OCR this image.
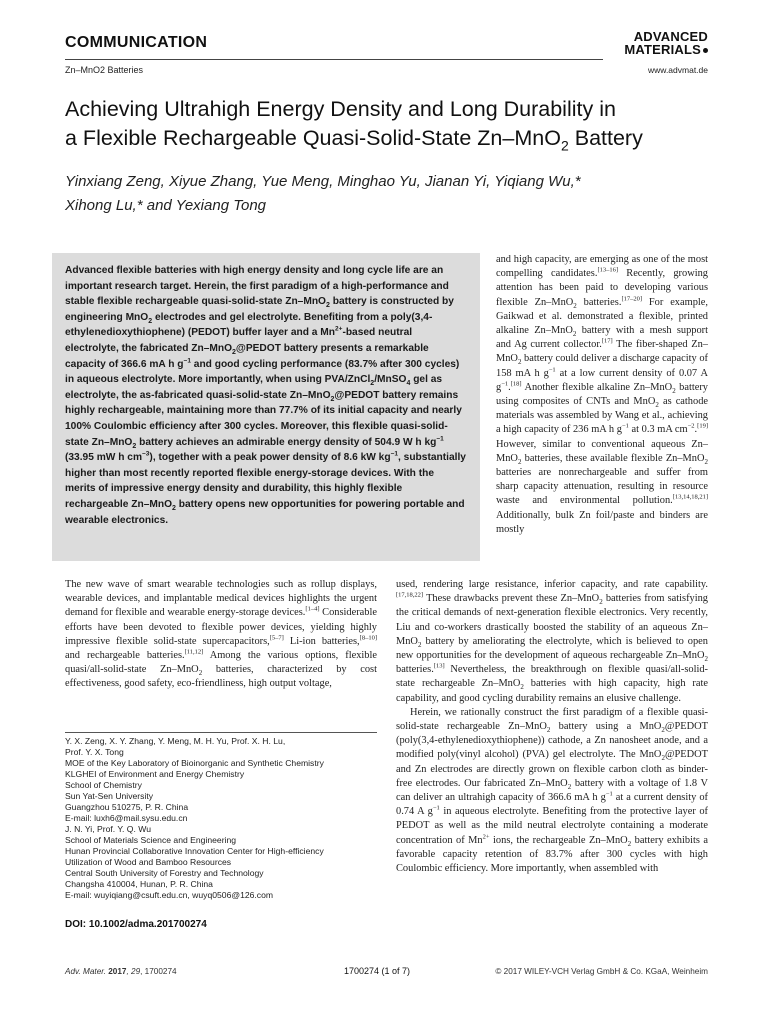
COMMUNICATION
Zn–MnO2 Batteries
ADVANCED
MATERIALS
www.advmat.de
Achieving Ultrahigh Energy Density and Long Durability in
a Flexible Rechargeable Quasi-Solid-State Zn–MnO$_2$ Battery
Yinxiang Zeng, Xiyue Zhang, Yue Meng, Minghao Yu, Jianan Yi, Yiqiang Wu,*
Xihong Lu,* and Yexiang Tong

Advanced flexible batteries with high energy density and long cycle life are an important research target. Herein, the first paradigm of a high-performance and stable flexible rechargeable quasi-solid-state Zn–MnO$_2$ battery is constructed by engineering MnO$_2$ electrodes and gel electrolyte. Benefiting from a poly(3,4-ethylenedioxythiophene) (PEDOT) buffer layer and a $Mn^{2+}$-based neutral electrolyte, the fabricated Zn–MnO$_2$@PEDOT battery presents a remarkable capacity of 366.6 mA h $g^{-1}$ and good cycling performance (83.7% after 300 cycles) in aqueous electrolyte. More importantly, when using PVA/ZnCl$_2$/MnSO$_4$ gel as electrolyte, the as-fabricated quasi-solid-state Zn–MnO$_2$@PEDOT battery remains highly rechargeable, maintaining more than 77.7% of its initial capacity and nearly 100% Coulombic efficiency after 300 cycles. Moreover, this flexible quasi-solid-state Zn–MnO$_2$ battery achieves an admirable energy density of 504.9 W h $kg^{-1}$ (33.95 mW h $cm^{-3}$), together with a peak power density of 8.6 kW $kg^{-1}$, substantially higher than most recently reported flexible energy-storage devices. With the merits of impressive energy density and durability, this highly flexible rechargeable Zn–MnO$_2$ battery opens new opportunities for powering portable and wearable electronics.

and high capacity, are emerging as one of the most compelling candidates.[13–16] Recently, growing attention has been paid to developing various flexible Zn–MnO$_2$ batteries.[17–20] For example, Gaikwad et al. demonstrated a flexible, printed alkaline Zn–MnO$_2$ battery with a mesh support and Ag current collector.[17] The fiber-shaped Zn–MnO$_2$ battery could deliver a discharge capacity of 158 mA h $g^{-1}$ at a low current density of 0.07 A $g^{-1}.[18]$ Another flexible alkaline Zn–MnO$_2$ battery using composites of CNTs and MnO$_2$ as cathode materials was assembled by Wang et al., achieving a high capacity of 236 mA h $g^{-1}$ at 0.3 mA $cm^{-2}.[19]$ However, similar to conventional aqueous Zn–MnO$_2$ batteries, these available flexible Zn–MnO$_2$ batteries are nonrechargeable and suffer from sharp capacity attenuation, resulting in resource waste and environmental pollution.[13,14,18,21] Additionally, bulk Zn foil/paste and binders are mostly

The new wave of smart wearable technologies such as rollup displays, wearable devices, and implantable medical devices highlights the urgent demand for flexible and wearable energy-storage devices.[1–4] Considerable efforts have been devoted to flexible power devices, yielding highly impressive flexible solid-state supercapacitors,[5–7] Li-ion batteries,[8–10] and rechargeable batteries.[11,12] Among the various options, flexible quasi/all-solid-state Zn–MnO$_2$ batteries, characterized by cost effectiveness, good safety, eco-friendliness, high output voltage,

used, rendering large resistance, inferior capacity, and rate capability.[17,18,22] These drawbacks prevent these Zn–MnO$_2$ batteries from satisfying the critical demands of next-generation flexible electronics. Very recently, Liu and co-workers drastically boosted the stability of an aqueous Zn–MnO$_2$ battery by ameliorating the electrolyte, which is believed to open new opportunities for the development of aqueous rechargeable Zn–MnO$_2$ batteries.[13] Nevertheless, the breakthrough on flexible quasi/all-solid-state rechargeable Zn–MnO$_2$ batteries with high capacity, high rate capability, and good cycling durability remains an elusive challenge.

Herein, we rationally construct the first paradigm of a flexible quasi-solid-state rechargeable Zn–MnO$_2$ battery using a MnO$_2$@PEDOT (poly(3,4-ethylenedioxythiophene)) cathode, a Zn nanosheet anode, and a modified poly(vinyl alcohol) (PVA) gel electrolyte. The MnO$_2$@PEDOT and Zn electrodes are directly grown on flexible carbon cloth as binder-free electrodes. Our fabricated Zn–MnO$_2$ battery with a voltage of 1.8 V can deliver an ultrahigh capacity of 366.6 mA h $g^{-1}$ at a current density of 0.74 A $g^{-1}$ in aqueous electrolyte. Benefiting from the protective layer of PEDOT as well as the mild neutral electrolyte containing a moderate concentration of $Mn^{2+}$ ions, the rechargeable Zn–MnO$_2$ battery exhibits a favorable capacity retention of 83.7% after 300 cycles with high Coulombic efficiency. More importantly, when assembled with

Y. X. Zeng, X. Y. Zhang, Y. Meng, M. H. Yu, Prof. X. H. Lu,
Prof. Y. X. Tong
MOE of the Key Laboratory of Bioinorganic and Synthetic Chemistry
KLGHEI of Environment and Energy Chemistry
School of Chemistry
Sun Yat-Sen University
Guangzhou 510275, P. R. China
E-mail: luxh6@mail.sysu.edu.cn
J. N. Yi, Prof. Y. Q. Wu
School of Materials Science and Engineering
Hunan Provincial Collaborative Innovation Center for High-efficiency
Utilization of Wood and Bamboo Resources
Central South University of Forestry and Technology
Changsha 410004, Hunan, P. R. China
E-mail: wuyiqiang@csuft.edu.cn, wuyq0506@126.com
DOI: 10.1002/adma.201700274
Adv. Mater. 2017, 29, 1700274	1700274 (1 of 7)	© 2017 WILEY-VCH Verlag GmbH & Co. KGaA, Weinheim
